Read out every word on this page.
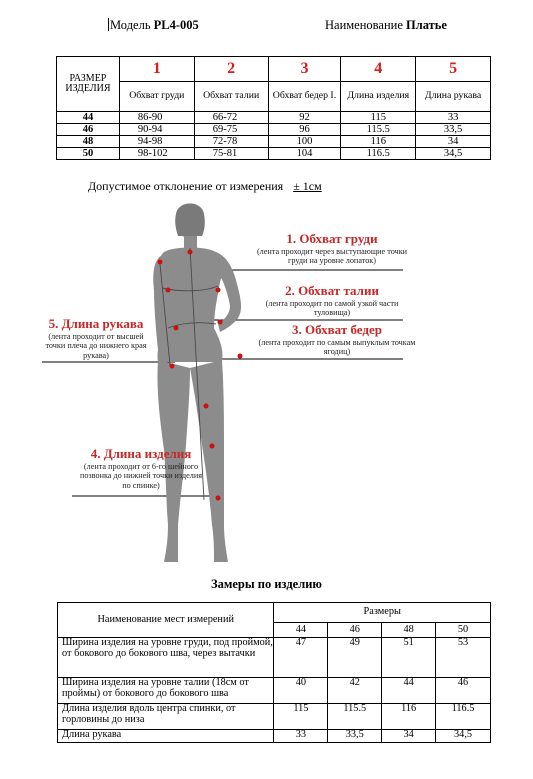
Модель PL4-005	Наименование Платье
РАЗМЕР ИЗДЕЛИЯ	1	2	3	4	5
	Обхват груди	Обхват талии	Обхват бедер I.	Длина изделия	Длина рукава
44	86-90	66-72	92	115	33
46	90-94	69-75	96	115.5	33,5
48	94-98	72-78	100	116	34
50	98-102	75-81	104	116.5	34,5
Допустимое отклонение от измерения ± 1см
1. Обхват груди
(лента проходит через выступающие точки груди на уровне лопаток)
2. Обхват талии
(лента проходит по самой узкой части туловища)
3. Обхват бедер
(лента проходит по самым выпуклым точкам ягодиц)
5. Длина рукава
(лента проходит от высшей точки плеча до нижнего края рукава)
4. Длина изделия
(лента проходит от 6-го шейного позвонка до нижней точки изделия по спинке)
Замеры по изделию
Наименование мест измерений	Размеры			
	44	46	48	50
Ширина изделия на уровне груди, под проймой, от бокового до бокового шва, через вытачки	47	49	51	53
Ширина изделия на уровне талии (18см от проймы) от бокового до бокового шва	40	42	44	46
Длина изделия вдоль центра спинки, от горловины до низа	115	115.5	116	116.5
Длина рукава	33	33,5	34	34,5
